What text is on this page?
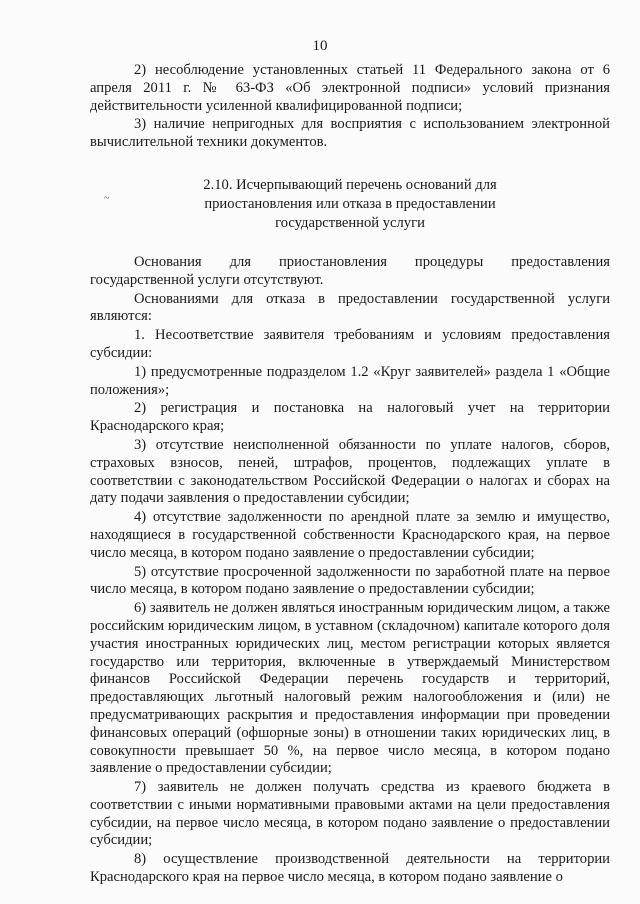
10
~

2) несоблюдение установленных статьей 11 Федерального закона от 6 апреля 2011 г. № 63-ФЗ «Об электронной подписи» условий признания действительности усиленной квалифицированной подписи;

3) наличие непригодных для восприятия с использованием электронной вычислительной техники документов.

2.10. Исчерпывающий перечень оснований для
приостановления или отказа в предоставлении
государственной услуги

Основания для приостановления процедуры предоставления государственной услуги отсутствуют.

Основаниями для отказа в предоставлении государственной услуги являются:

1. Несоответствие заявителя требованиям и условиям предоставления субсидии:

1) предусмотренные подразделом 1.2 «Круг заявителей» раздела 1 «Общие положения»;

2) регистрация и постановка на налоговый учет на территории Краснодарского края;

3) отсутствие неисполненной обязанности по уплате налогов, сборов, страховых взносов, пеней, штрафов, процентов, подлежащих уплате в соответствии с законодательством Российской Федерации о налогах и сборах на дату подачи заявления о предоставлении субсидии;

4) отсутствие задолженности по арендной плате за землю и имущество, находящиеся в государственной собственности Краснодарского края, на первое число месяца, в котором подано заявление о предоставлении субсидии;

5) отсутствие просроченной задолженности по заработной плате на первое число месяца, в котором подано заявление о предоставлении субсидии;

6) заявитель не должен являться иностранным юридическим лицом, а также российским юридическим лицом, в уставном (складочном) капитале которого доля участия иностранных юридических лиц, местом регистрации которых является государство или территория, включенные в утверждаемый Министерством финансов Российской Федерации перечень государств и территорий, предоставляющих льготный налоговый режим налогообложения и (или) не предусматривающих раскрытия и предоставления информации при проведении финансовых операций (офшорные зоны) в отношении таких юридических лиц, в совокупности превышает 50 %, на первое число месяца, в котором подано заявление о предоставлении субсидии;

7) заявитель не должен получать средства из краевого бюджета в соответствии с иными нормативными правовыми актами на цели предоставления субсидии, на первое число месяца, в котором подано заявление о предоставлении субсидии;

8) осуществление производственной деятельности на территории Краснодарского края на первое число месяца, в котором подано заявление о
